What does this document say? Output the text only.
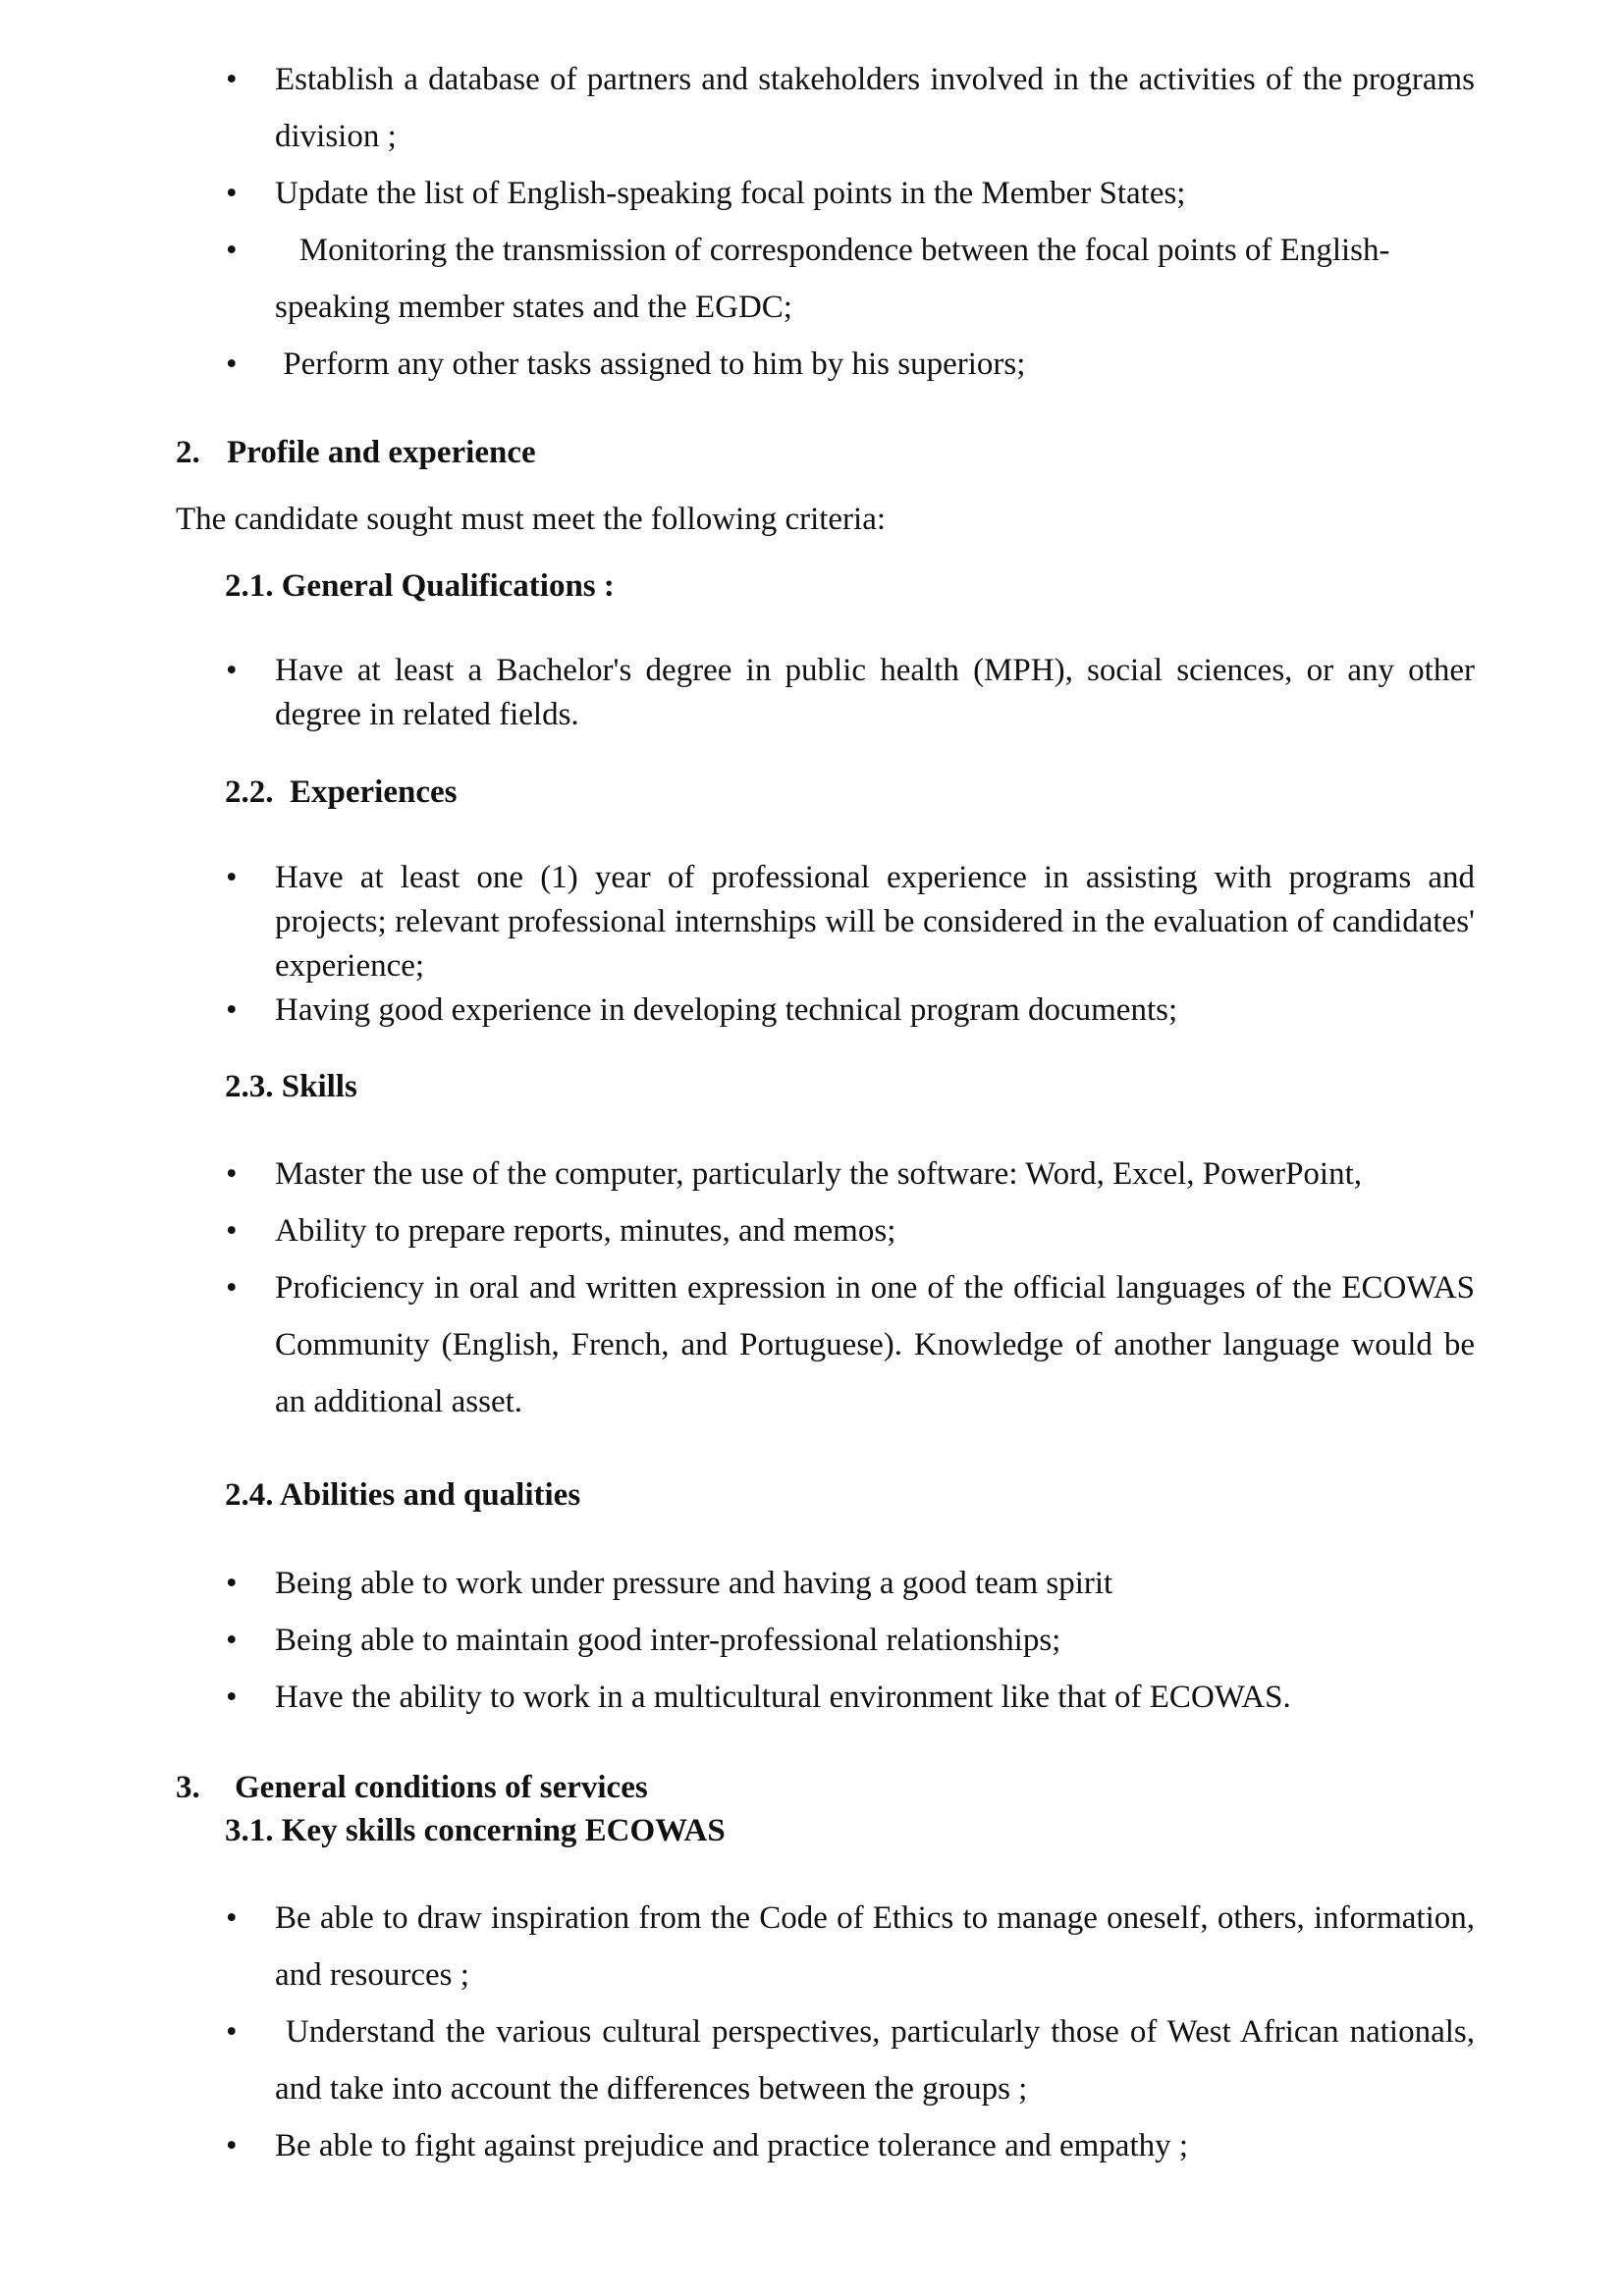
• Establish a database of partners and stakeholders involved in the activities of the programs division ;
• Update the list of English-speaking focal points in the Member States;
• Monitoring the transmission of correspondence between the focal points of English-speaking member states and the EGDC;
• Perform any other tasks assigned to him by his superiors;
2. Profile and experience
The candidate sought must meet the following criteria:
2.1. General Qualifications :
• Have at least a Bachelor's degree in public health (MPH), social sciences, or any other degree in related fields.
2.2.  Experiences
• Have at least one (1) year of professional experience in assisting with programs and projects; relevant professional internships will be considered in the evaluation of candidates' experience;
• Having good experience in developing technical program documents;
2.3. Skills
• Master the use of the computer, particularly the software: Word, Excel, PowerPoint,
• Ability to prepare reports, minutes, and memos;
• Proficiency in oral and written expression in one of the official languages of the ECOWAS Community (English, French, and Portuguese). Knowledge of another language would be an additional asset.
2.4. Abilities and qualities
• Being able to work under pressure and having a good team spirit
• Being able to maintain good inter-professional relationships;
• Have the ability to work in a multicultural environment like that of ECOWAS.
3. General conditions of services
3.1. Key skills concerning ECOWAS
• Be able to draw inspiration from the Code of Ethics to manage oneself, others, information, and resources ;
• Understand the various cultural perspectives, particularly those of West African nationals, and take into account the differences between the groups ;
• Be able to fight against prejudice and practice tolerance and empathy ;
